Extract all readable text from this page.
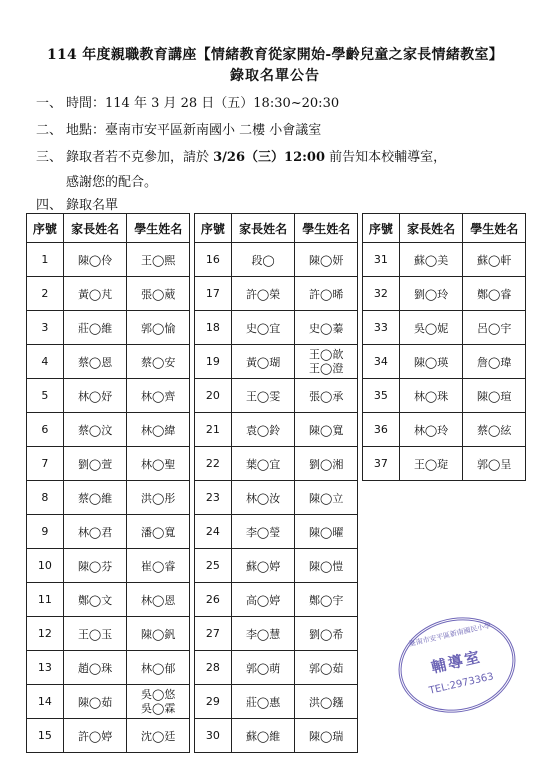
114 年度親職教育講座【情緒教育從家開始-學齡兒童之家長情緒教室】
錄取名單公告
一、 時間：114 年 3 月 28 日（五）18:30~20:30
二、 地點：臺南市安平區新南國小 二樓 小會議室
三、 錄取者若不克參加，請於 3/26（三）12:00 前告知本校輔導室，
感謝您的配合。
四、 錄取名單
序號	家長姓名	學生姓名
1	陳◯伶	王◯熙
2	黃◯芃	張◯葳
3	莊◯維	郭◯愉
4	蔡◯恩	蔡◯安
5	林◯妤	林◯齊
6	蔡◯汶	林◯緯
7	劉◯萱	林◯聖
8	蔡◯維	洪◯彤
9	林◯君	潘◯寬
10	陳◯芬	崔◯睿
11	鄭◯文	林◯恩
12	王◯玉	陳◯釩
13	趙◯珠	林◯郁
14	陳◯茹	吳◯悠
吳◯霖

15	許◯婷	沈◯廷
序號	家長姓名	學生姓名
16	段◯	陳◯妍
17	許◯榮	許◯晞
18	史◯宜	史◯蓁
19	黃◯瑚	王◯歆
王◯澄

20	王◯雯	張◯承
21	袁◯鈴	陳◯寬
22	葉◯宜	劉◯湘
23	林◯汝	陳◯立
24	李◯瑩	陳◯曜
25	蘇◯婷	陳◯愷
26	高◯婷	鄭◯宇
27	李◯慧	劉◯希
28	郭◯萌	郭◯茹
29	莊◯惠	洪◯鏹
30	蘇◯維	陳◯瑞
序號	家長姓名	學生姓名
31	蘇◯美	蘇◯軒
32	劉◯玲	鄭◯睿
33	吳◯妮	呂◯宇
34	陳◯瑛	詹◯瑋
35	林◯珠	陳◯瑄
36	林◯玲	蔡◯絃
37	王◯琁	郭◯呈
臺南市安平區新南國民小學
輔導室
TEL:2973363
